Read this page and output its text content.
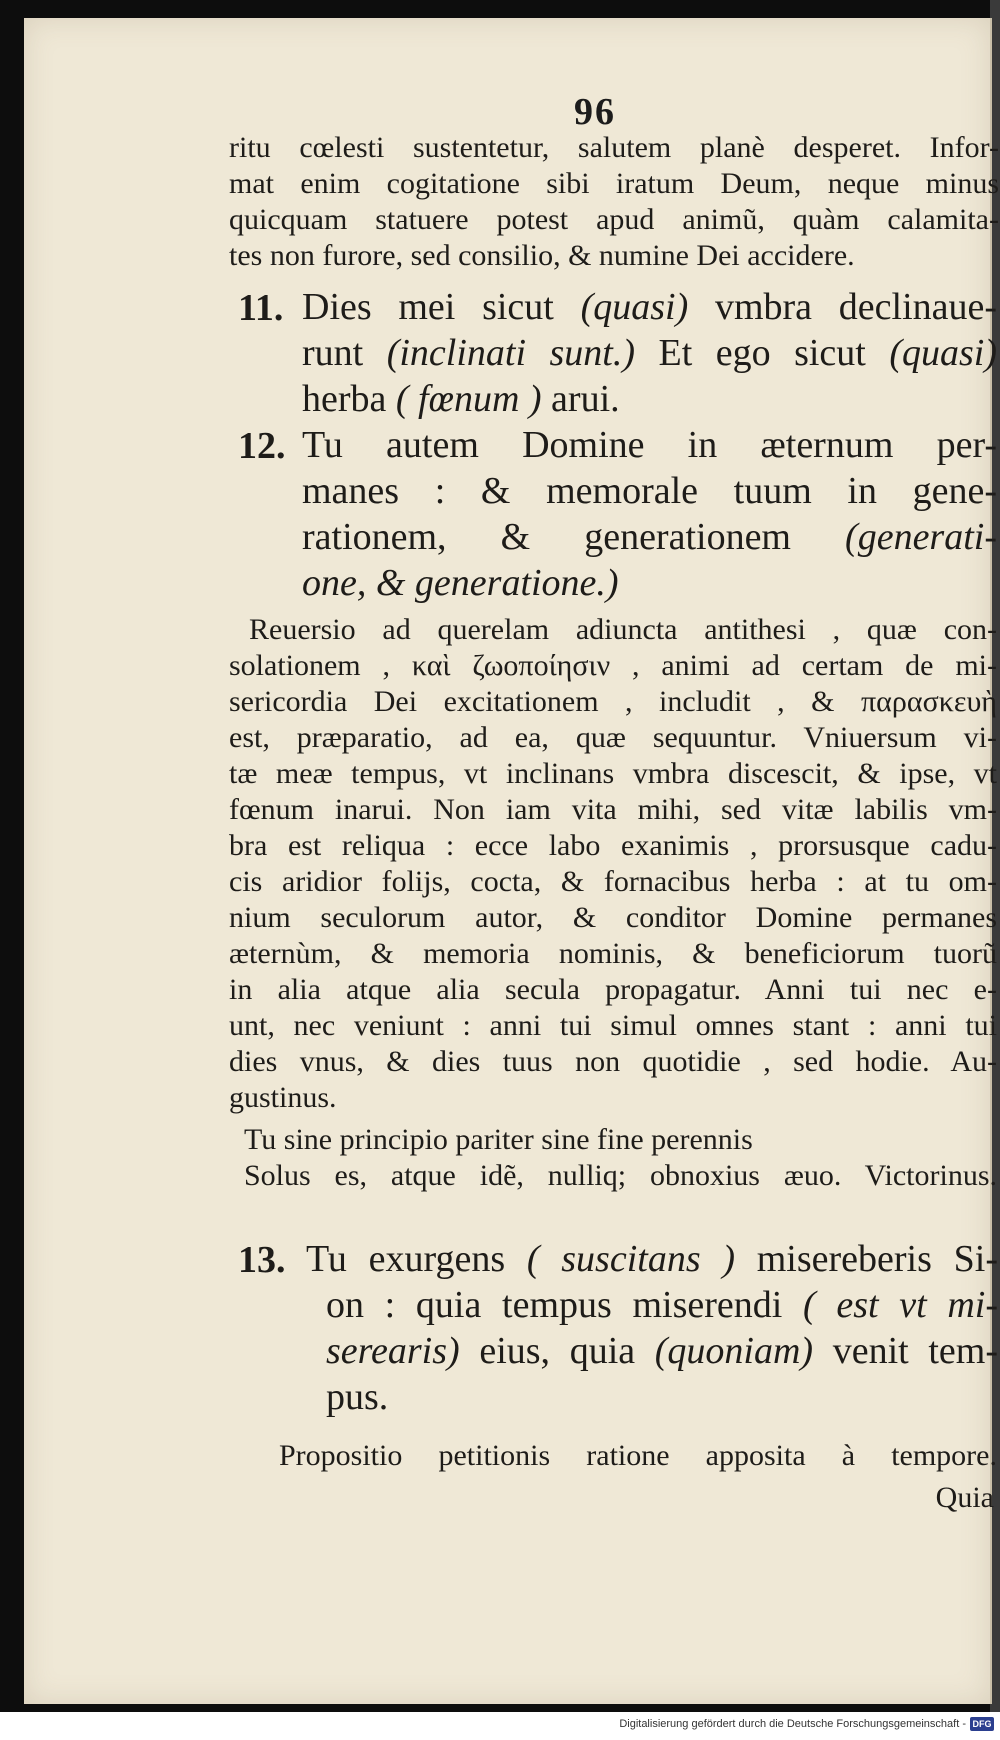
96
ritu cœlesti sustentetur, salutem planè desperet. Infor-
mat enim cogitatione sibi iratum Deum, neque minus
quicquam statuere potest apud animũ, quàm calamita-
tes non furore, sed consilio, & numine Dei accidere.
11. Dies mei sicut (quasi) vmbra declinaue-
runt (inclinati sunt.) Et ego sicut (quasi)
herba ( fœnum ) arui.
12. Tu autem Domine in æternum per-
manes : & memorale tuum in gene-
rationem, & generationem (generati-
one, & generatione.)
Reuersio ad querelam adiuncta antithesi , quæ con-
solationem , καὶ ζωοποίησιν , animi ad certam de mi-
sericordia Dei excitationem , includit , & παρασκευὴ
est, præparatio, ad ea, quæ sequuntur. Vniuersum vi-
tæ meæ tempus, vt inclinans vmbra discescit, & ipse, vt
fœnum inarui. Non iam vita mihi, sed vitæ labilis vm-
bra est reliqua : ecce labo exanimis , prorsusque cadu-
cis aridior folijs, cocta, & fornacibus herba : at tu om-
nium seculorum autor, & conditor Domine permanes
æternùm, & memoria nominis, & beneficiorum tuorũ
in alia atque alia secula propagatur. Anni tui nec e-
unt, nec veniunt : anni tui simul omnes stant : anni tui
dies vnus, & dies tuus non quotidie , sed hodie. Au-
gustinus.
Tu sine principio pariter sine fine perennis
Solus es, atque idẽ, nulliq; obnoxius æuo. Victorinus.
13. Tu exurgens ( suscitans ) misereberis Si-
on : quia tempus miserendi ( est vt mi-
serearis) eius, quia (quoniam) venit tem-
pus.
Propositio petitionis ratione apposita à tempore.
Quia
Digitalisierung gefördert durch die Deutsche Forschungsgemeinschaft - DFG
